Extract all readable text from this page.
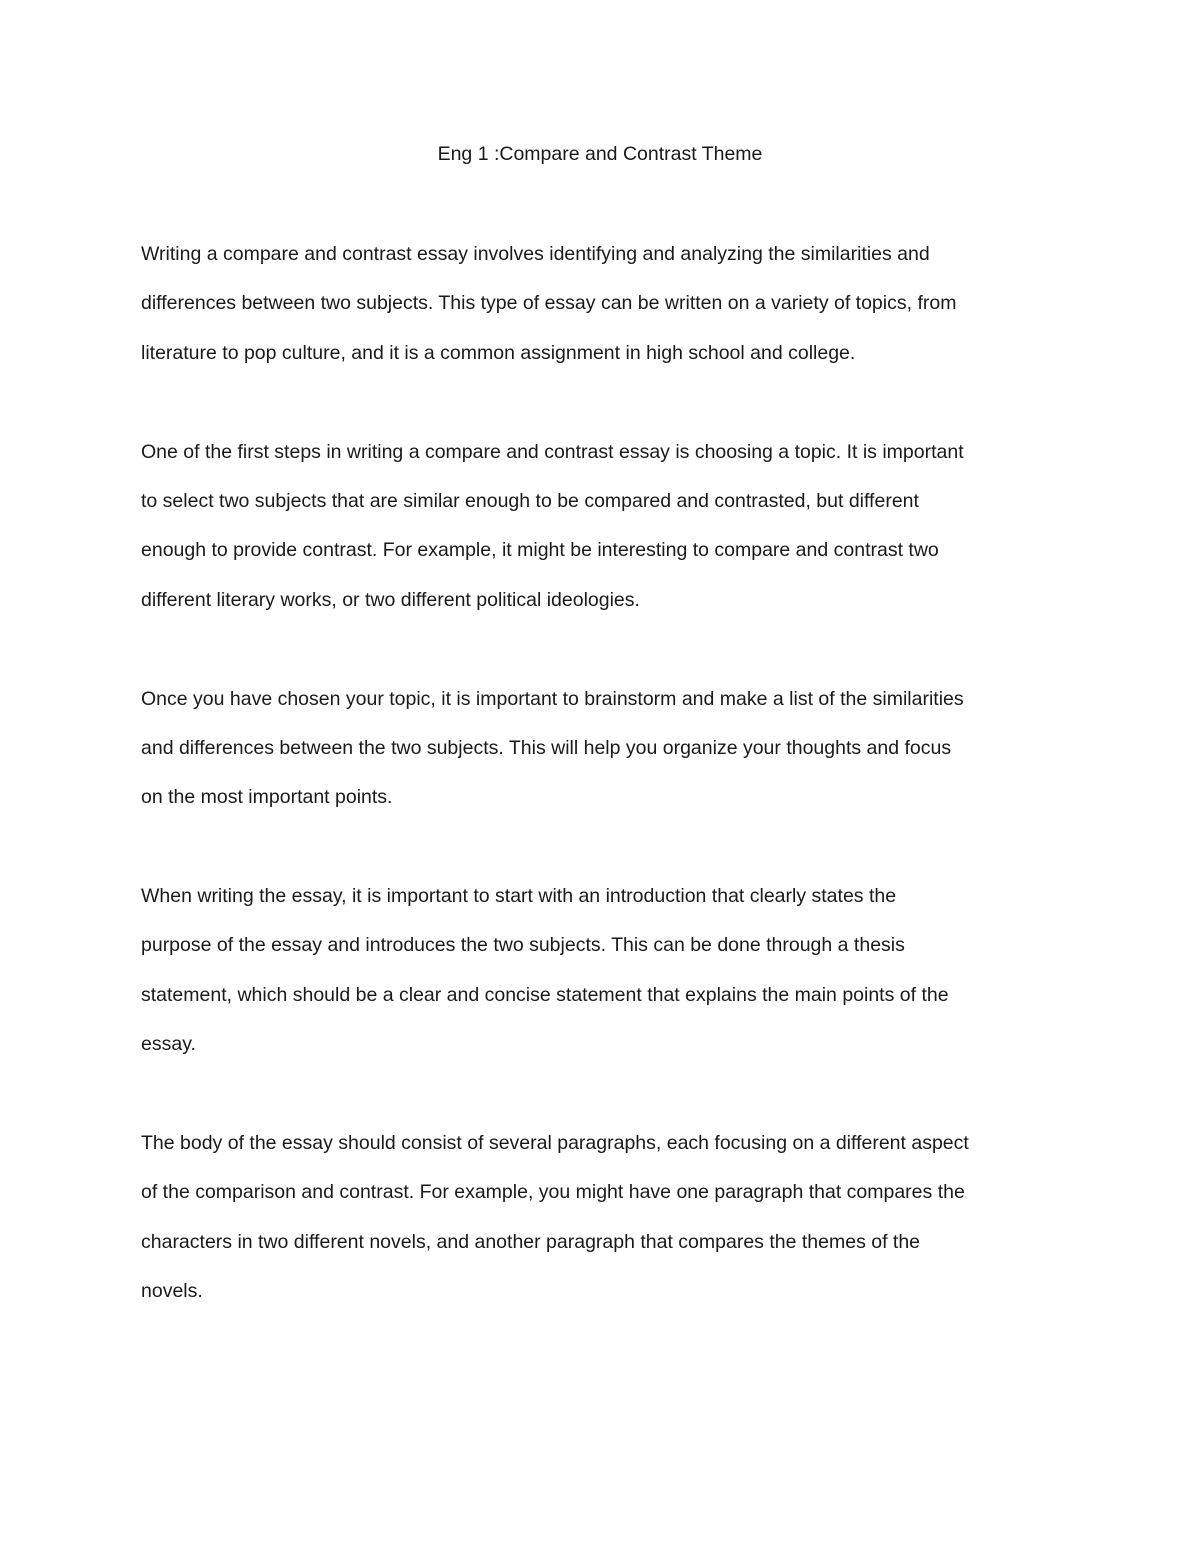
Eng 1 :Compare and Contrast Theme
Writing a compare and contrast essay involves identifying and analyzing the similarities and
differences between two subjects. This type of essay can be written on a variety of topics, from
literature to pop culture, and it is a common assignment in high school and college.
One of the first steps in writing a compare and contrast essay is choosing a topic. It is important
to select two subjects that are similar enough to be compared and contrasted, but different
enough to provide contrast. For example, it might be interesting to compare and contrast two
different literary works, or two different political ideologies.
Once you have chosen your topic, it is important to brainstorm and make a list of the similarities
and differences between the two subjects. This will help you organize your thoughts and focus
on the most important points.
When writing the essay, it is important to start with an introduction that clearly states the
purpose of the essay and introduces the two subjects. This can be done through a thesis
statement, which should be a clear and concise statement that explains the main points of the
essay.
The body of the essay should consist of several paragraphs, each focusing on a different aspect
of the comparison and contrast. For example, you might have one paragraph that compares the
characters in two different novels, and another paragraph that compares the themes of the
novels.
